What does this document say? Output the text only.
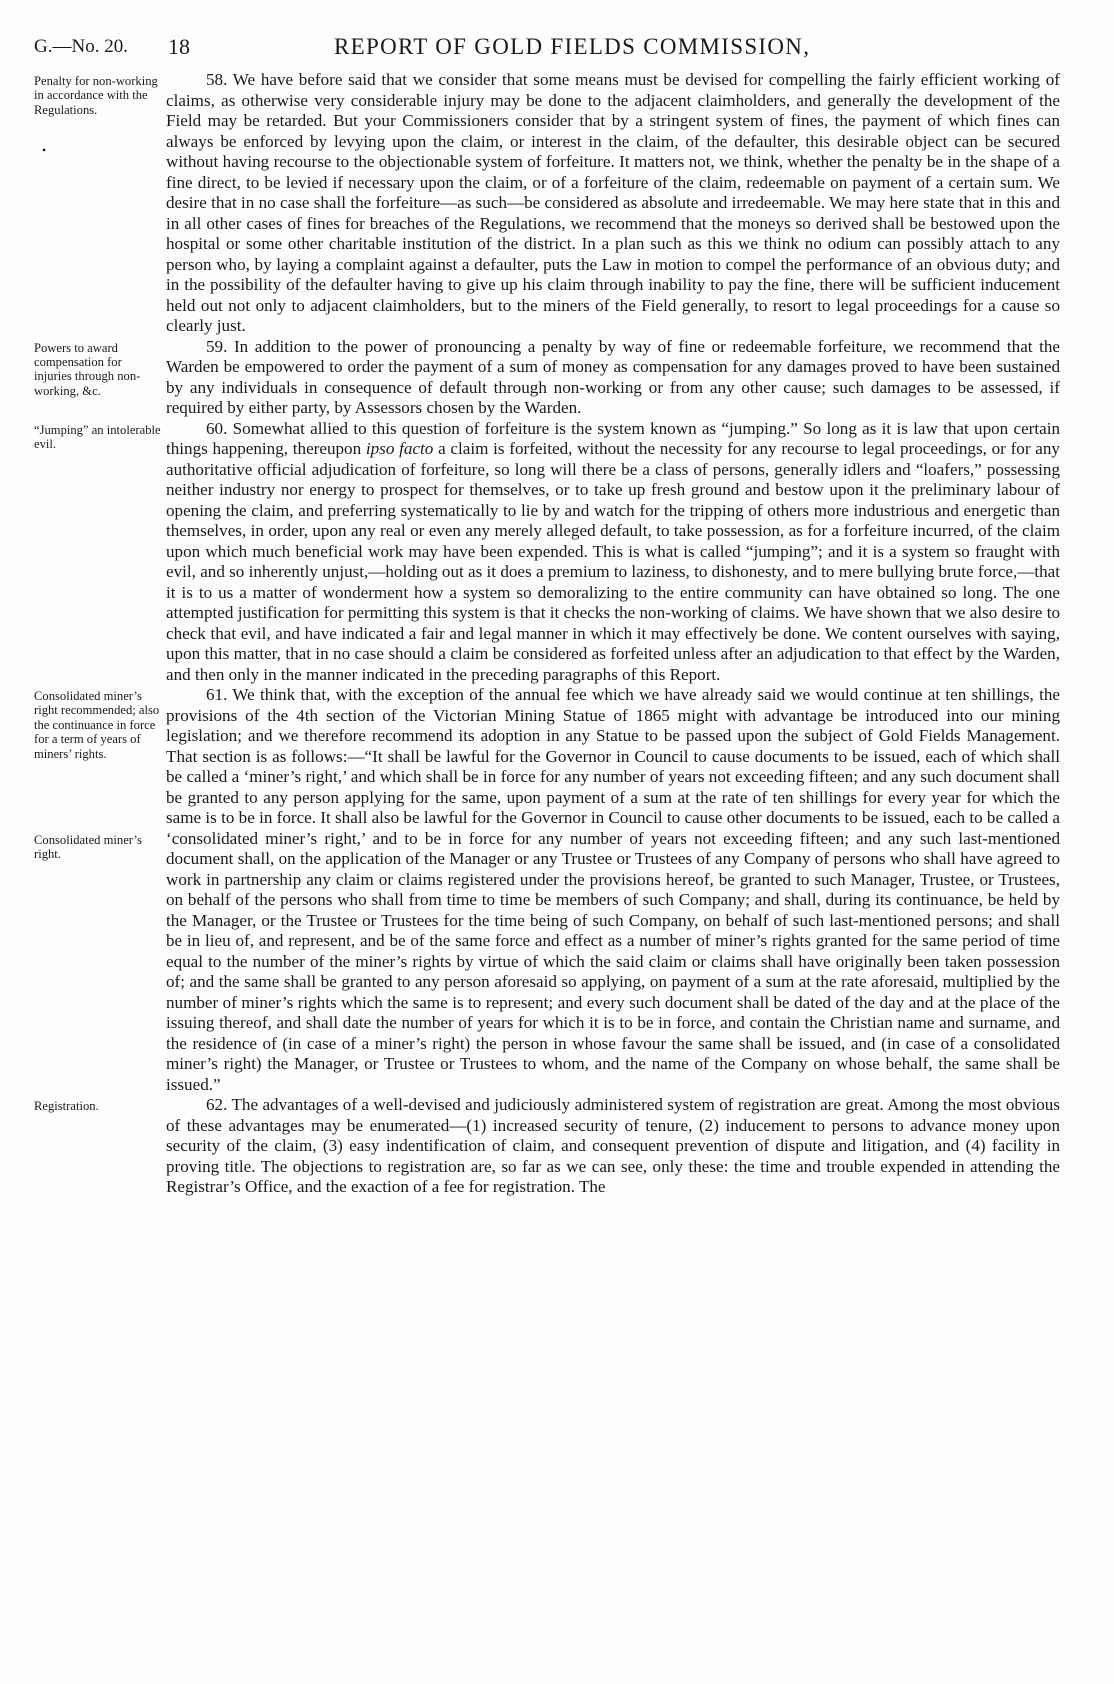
G.—No. 20. 18	REPORT OF GOLD FIELDS COMMISSION,
Penalty for non-working in accordance with the Regulations.
•

58. We have before said that we consider that some means must be devised for compelling the fairly efficient working of claims, as otherwise very considerable injury may be done to the adjacent claimholders, and generally the development of the Field may be retarded. But your Commissioners consider that by a stringent system of fines, the payment of which fines can always be enforced by levying upon the claim, or interest in the claim, of the defaulter, this desirable object can be secured without having recourse to the objectionable system of forfeiture. It matters not, we think, whether the penalty be in the shape of a fine direct, to be levied if necessary upon the claim, or of a forfeiture of the claim, redeemable on payment of a certain sum. We desire that in no case shall the forfeiture—as such—be considered as absolute and irredeemable. We may here state that in this and in all other cases of fines for breaches of the Regulations, we recommend that the moneys so derived shall be bestowed upon the hospital or some other charitable institution of the district. In a plan such as this we think no odium can possibly attach to any person who, by laying a complaint against a defaulter, puts the Law in motion to compel the performance of an obvious duty; and in the possibility of the defaulter having to give up his claim through inability to pay the fine, there will be sufficient inducement held out not only to adjacent claimholders, but to the miners of the Field generally, to resort to legal proceedings for a cause so clearly just.

Powers to award compensation for injuries through non-working, &c.

59. In addition to the power of pronouncing a penalty by way of fine or redeemable forfeiture, we recommend that the Warden be empowered to order the payment of a sum of money as compensation for any damages proved to have been sustained by any individuals in consequence of default through non-working or from any other cause; such damages to be assessed, if required by either party, by Assessors chosen by the Warden.

“Jumping” an intolerable evil.

60. Somewhat allied to this question of forfeiture is the system known as “jumping.” So long as it is law that upon certain things happening, thereupon ipso facto a claim is forfeited, without the necessity for any recourse to legal proceedings, or for any authoritative official adjudication of forfeiture, so long will there be a class of persons, generally idlers and “loafers,” possessing neither industry nor energy to prospect for themselves, or to take up fresh ground and bestow upon it the preliminary labour of opening the claim, and preferring systematically to lie by and watch for the tripping of others more industrious and energetic than themselves, in order, upon any real or even any merely alleged default, to take possession, as for a forfeiture incurred, of the claim upon which much beneficial work may have been expended. This is what is called “jumping”; and it is a system so fraught with evil, and so inherently unjust,—holding out as it does a premium to laziness, to dishonesty, and to mere bullying brute force,—that it is to us a matter of wonderment how a system so demoralizing to the entire community can have obtained so long. The one attempted justification for permitting this system is that it checks the non-working of claims. We have shown that we also desire to check that evil, and have indicated a fair and legal manner in which it may effectively be done. We content ourselves with saying, upon this matter, that in no case should a claim be considered as forfeited unless after an adjudication to that effect by the Warden, and then only in the manner indicated in the preceding paragraphs of this Report.

Consolidated miner’s right recommended; also the continuance in force for a term of years of miners’ rights.
Consolidated miner’s right.

61. We think that, with the exception of the annual fee which we have already said we would continue at ten shillings, the provisions of the 4th section of the Victorian Mining Statue of 1865 might with advantage be introduced into our mining legislation; and we therefore recommend its adoption in any Statue to be passed upon the subject of Gold Fields Management. That section is as follows:—“It shall be lawful for the Governor in Council to cause documents to be issued, each of which shall be called a ‘miner’s right,’ and which shall be in force for any number of years not exceeding fifteen; and any such document shall be granted to any person applying for the same, upon payment of a sum at the rate of ten shillings for every year for which the same is to be in force. It shall also be lawful for the Governor in Council to cause other documents to be issued, each to be called a ‘consolidated miner’s right,’ and to be in force for any number of years not exceeding fifteen; and any such last-mentioned document shall, on the application of the Manager or any Trustee or Trustees of any Company of persons who shall have agreed to work in partnership any claim or claims registered under the provisions hereof, be granted to such Manager, Trustee, or Trustees, on behalf of the persons who shall from time to time be members of such Company; and shall, during its continuance, be held by the Manager, or the Trustee or Trustees for the time being of such Company, on behalf of such last-mentioned persons; and shall be in lieu of, and represent, and be of the same force and effect as a number of miner’s rights granted for the same period of time equal to the number of the miner’s rights by virtue of which the said claim or claims shall have originally been taken possession of; and the same shall be granted to any person aforesaid so applying, on payment of a sum at the rate aforesaid, multiplied by the number of miner’s rights which the same is to represent; and every such document shall be dated of the day and at the place of the issuing thereof, and shall date the number of years for which it is to be in force, and contain the Christian name and surname, and the residence of (in case of a miner’s right) the person in whose favour the same shall be issued, and (in case of a consolidated miner’s right) the Manager, or Trustee or Trustees to whom, and the name of the Company on whose behalf, the same shall be issued.”

Registration.	62. The advantages of a well-devised and judiciously administered system of registration are great. Among the most obvious of these advantages may be enumerated—(1) increased security of tenure, (2) inducement to persons to advance money upon security of the claim, (3) easy indentification of claim, and consequent prevention of dispute and litigation, and (4) facility in proving title. The objections to registration are, so far as we can see, only these: the time and trouble expended in attending the Registrar’s Office, and the exaction of a fee for registration. The
